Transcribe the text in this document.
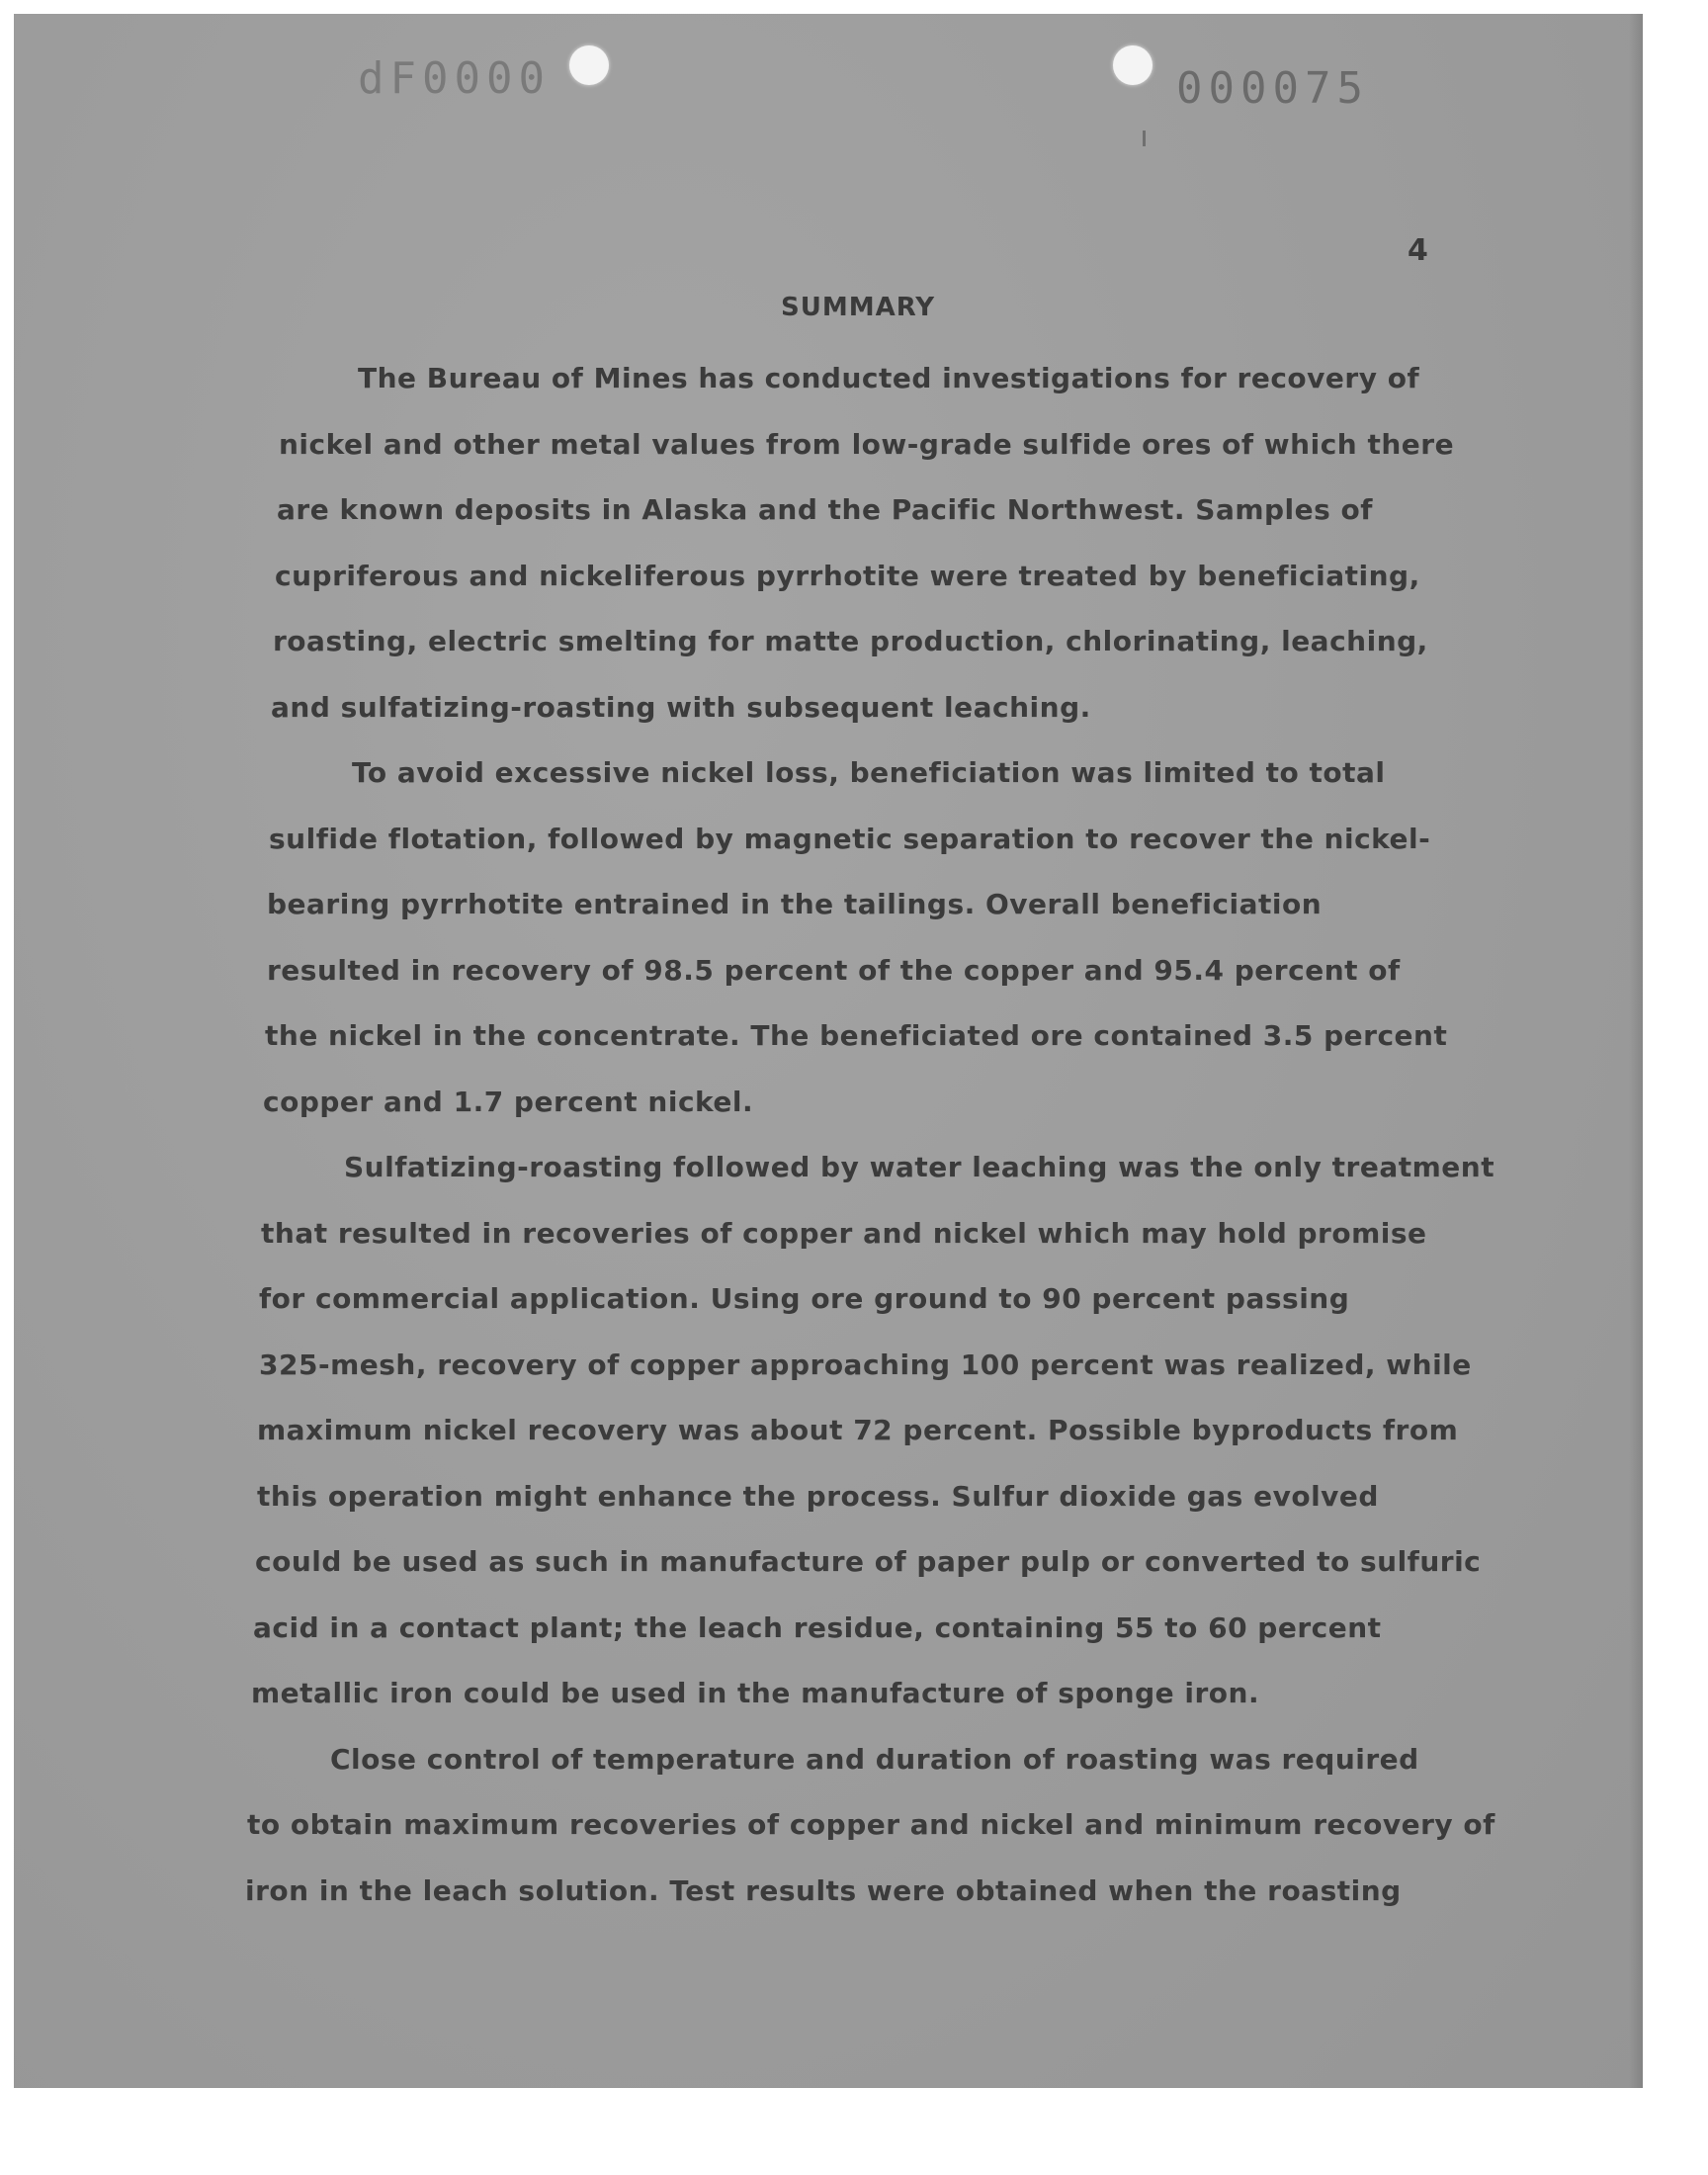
dF0000	000075
4
SUMMARY
The Bureau of Mines has conducted investigations for recovery of
nickel and other metal values from low-grade sulfide ores of which there
are known deposits in Alaska and the Pacific Northwest. Samples of
cupriferous and nickeliferous pyrrhotite were treated by beneficiating,
roasting, electric smelting for matte production, chlorinating, leaching,
and sulfatizing-roasting with subsequent leaching.
To avoid excessive nickel loss, beneficiation was limited to total
sulfide flotation, followed by magnetic separation to recover the nickel-
bearing pyrrhotite entrained in the tailings. Overall beneficiation
resulted in recovery of 98.5 percent of the copper and 95.4 percent of
the nickel in the concentrate. The beneficiated ore contained 3.5 percent
copper and 1.7 percent nickel.
Sulfatizing-roasting followed by water leaching was the only treatment
that resulted in recoveries of copper and nickel which may hold promise
for commercial application. Using ore ground to 90 percent passing
325-mesh, recovery of copper approaching 100 percent was realized, while
maximum nickel recovery was about 72 percent. Possible byproducts from
this operation might enhance the process. Sulfur dioxide gas evolved
could be used as such in manufacture of paper pulp or converted to sulfuric
acid in a contact plant; the leach residue, containing 55 to 60 percent
metallic iron could be used in the manufacture of sponge iron.
Close control of temperature and duration of roasting was required
to obtain maximum recoveries of copper and nickel and minimum recovery of
iron in the leach solution. Test results were obtained when the roasting
